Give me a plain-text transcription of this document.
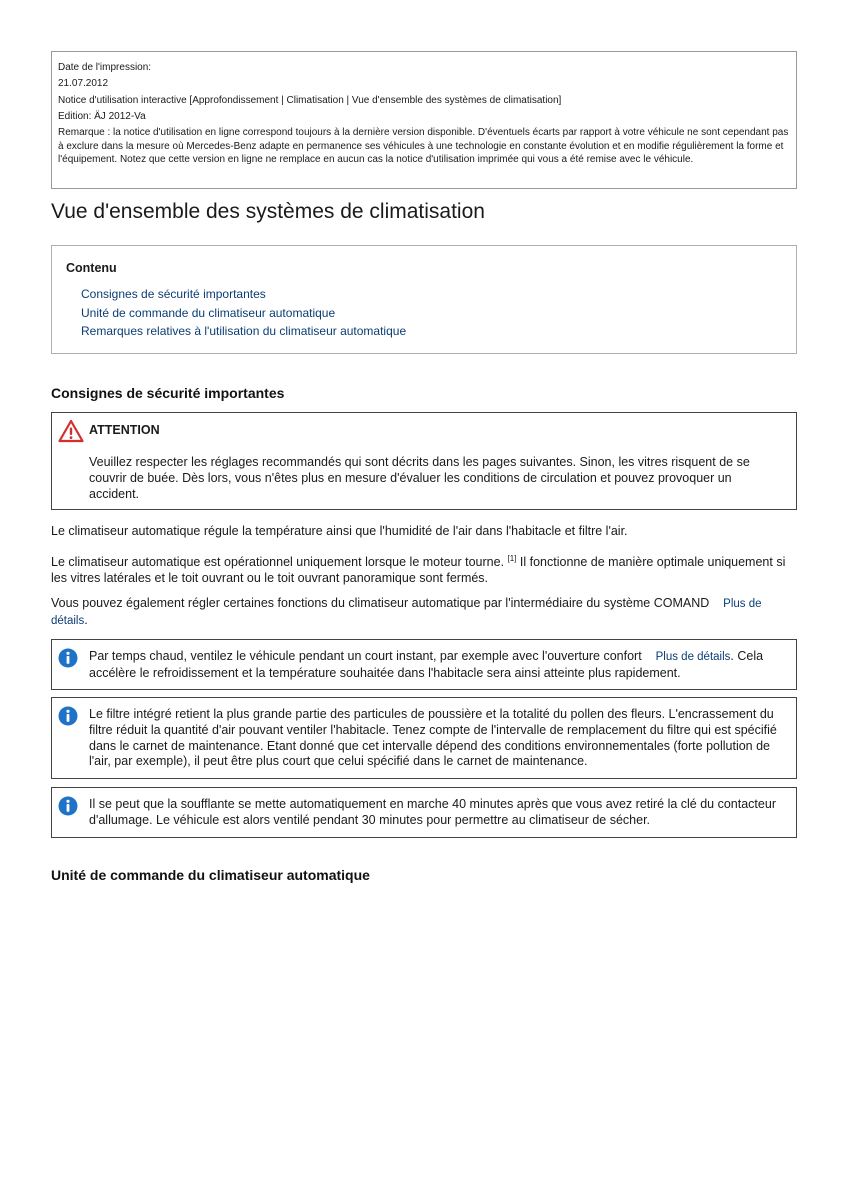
Date de l'impression:
21.07.2012
Notice d'utilisation interactive [Approfondissement | Climatisation | Vue d'ensemble des systèmes de climatisation]
Edition: ÄJ 2012-Va
Remarque : la notice d'utilisation en ligne correspond toujours à la dernière version disponible. D'éventuels écarts par rapport à votre véhicule ne sont cependant pas à exclure dans la mesure où Mercedes-Benz adapte en permanence ses véhicules à une technologie en constante évolution et en modifie régulièrement la forme et l'équipement. Notez que cette version en ligne ne remplace en aucun cas la notice d'utilisation imprimée qui vous a été remise avec le véhicule.
Vue d'ensemble des systèmes de climatisation
Contenu
Consignes de sécurité importantes
Unité de commande du climatiseur automatique
Remarques relatives à l'utilisation du climatiseur automatique
Consignes de sécurité importantes
ATTENTION
Veuillez respecter les réglages recommandés qui sont décrits dans les pages suivantes. Sinon, les vitres risquent de se couvrir de buée. Dès lors, vous n'êtes plus en mesure d'évaluer les conditions de circulation et pouvez provoquer un accident.

Le climatiseur automatique régule la température ainsi que l'humidité de l'air dans l'habitacle et filtre l'air.

Le climatiseur automatique est opérationnel uniquement lorsque le moteur tourne. [1] Il fonctionne de manière optimale uniquement si les vitres latérales et le toit ouvrant ou le toit ouvrant panoramique sont fermés.

Vous pouvez également régler certaines fonctions du climatiseur automatique par l'intermédiaire du système COMAND Plus de détails.

Par temps chaud, ventilez le véhicule pendant un court instant, par exemple avec l'ouverture confort Plus de détails. Cela accélère le refroidissement et la température souhaitée dans l'habitacle sera ainsi atteinte plus rapidement.
Le filtre intégré retient la plus grande partie des particules de poussière et la totalité du pollen des fleurs. L'encrassement du filtre réduit la quantité d'air pouvant ventiler l'habitacle. Tenez compte de l'intervalle de remplacement du filtre qui est spécifié dans le carnet de maintenance. Etant donné que cet intervalle dépend des conditions environnementales (forte pollution de l'air, par exemple), il peut être plus court que celui spécifié dans le carnet de maintenance.
Il se peut que la soufflante se mette automatiquement en marche 40 minutes après que vous avez retiré la clé du contacteur d'allumage. Le véhicule est alors ventilé pendant 30 minutes pour permettre au climatiseur de sécher.
Unité de commande du climatiseur automatique
